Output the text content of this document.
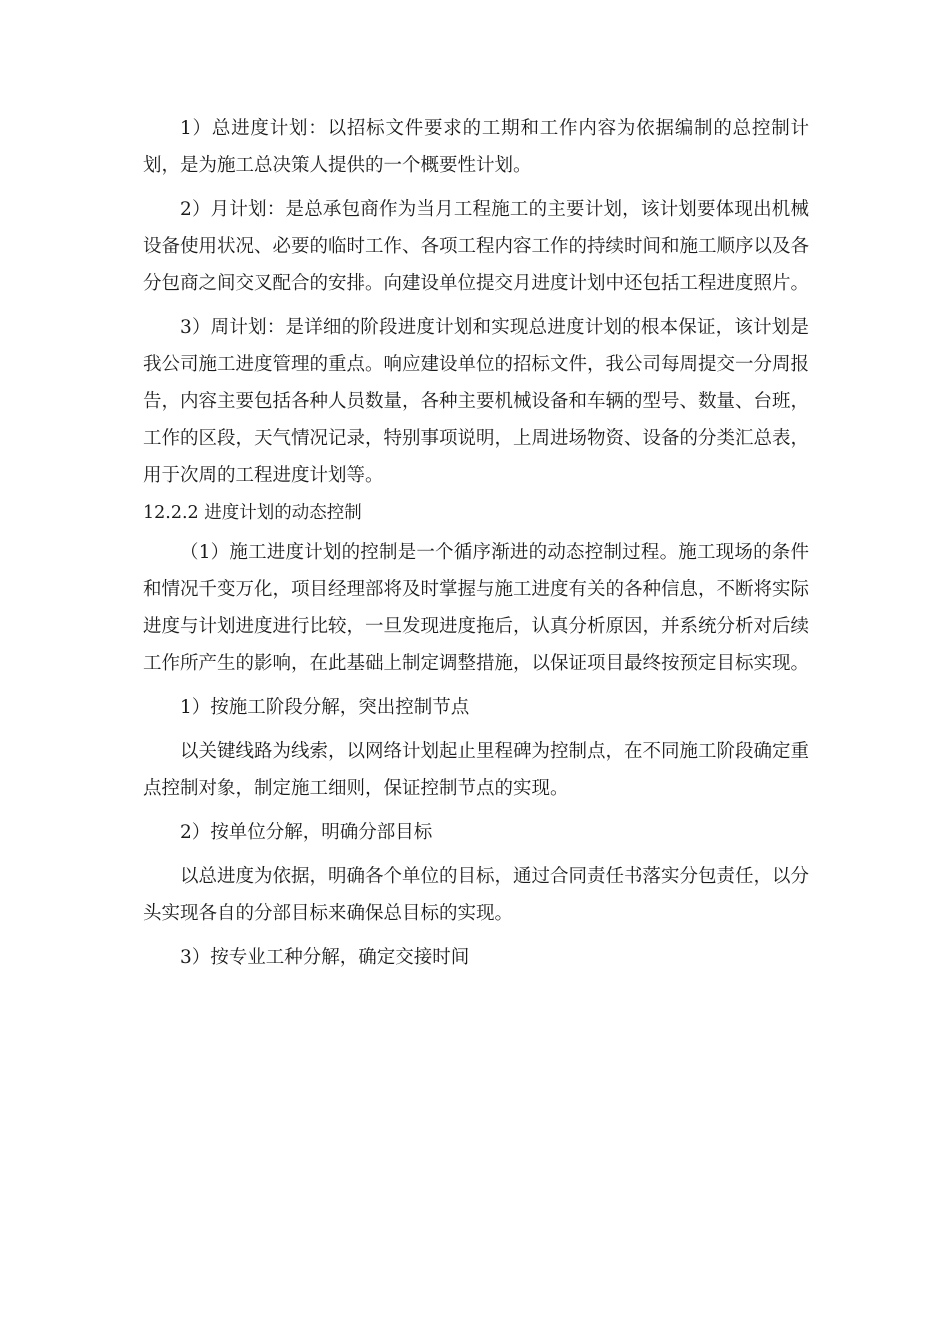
1）总进度计划：以招标文件要求的工期和工作内容为依据编制的总控制计划，是为施工总决策人提供的一个概要性计划。

2）月计划：是总承包商作为当月工程施工的主要计划，该计划要体现出机械设备使用状况、必要的临时工作、各项工程内容工作的持续时间和施工顺序以及各分包商之间交叉配合的安排。向建设单位提交月进度计划中还包括工程进度照片。

3）周计划：是详细的阶段进度计划和实现总进度计划的根本保证，该计划是我公司施工进度管理的重点。响应建设单位的招标文件，我公司每周提交一分周报告，内容主要包括各种人员数量，各种主要机械设备和车辆的型号、数量、台班，工作的区段，天气情况记录，特别事项说明，上周进场物资、设备的分类汇总表，用于次周的工程进度计划等。

12.2.2 进度计划的动态控制

（1）施工进度计划的控制是一个循序渐进的动态控制过程。施工现场的条件和情况千变万化，项目经理部将及时掌握与施工进度有关的各种信息，不断将实际进度与计划进度进行比较，一旦发现进度拖后，认真分析原因，并系统分析对后续工作所产生的影响，在此基础上制定调整措施，以保证项目最终按预定目标实现。

1）按施工阶段分解，突出控制节点

以关键线路为线索，以网络计划起止里程碑为控制点，在不同施工阶段确定重点控制对象，制定施工细则，保证控制节点的实现。

2）按单位分解，明确分部目标

以总进度为依据，明确各个单位的目标，通过合同责任书落实分包责任，以分头实现各自的分部目标来确保总目标的实现。

3）按专业工种分解，确定交接时间
